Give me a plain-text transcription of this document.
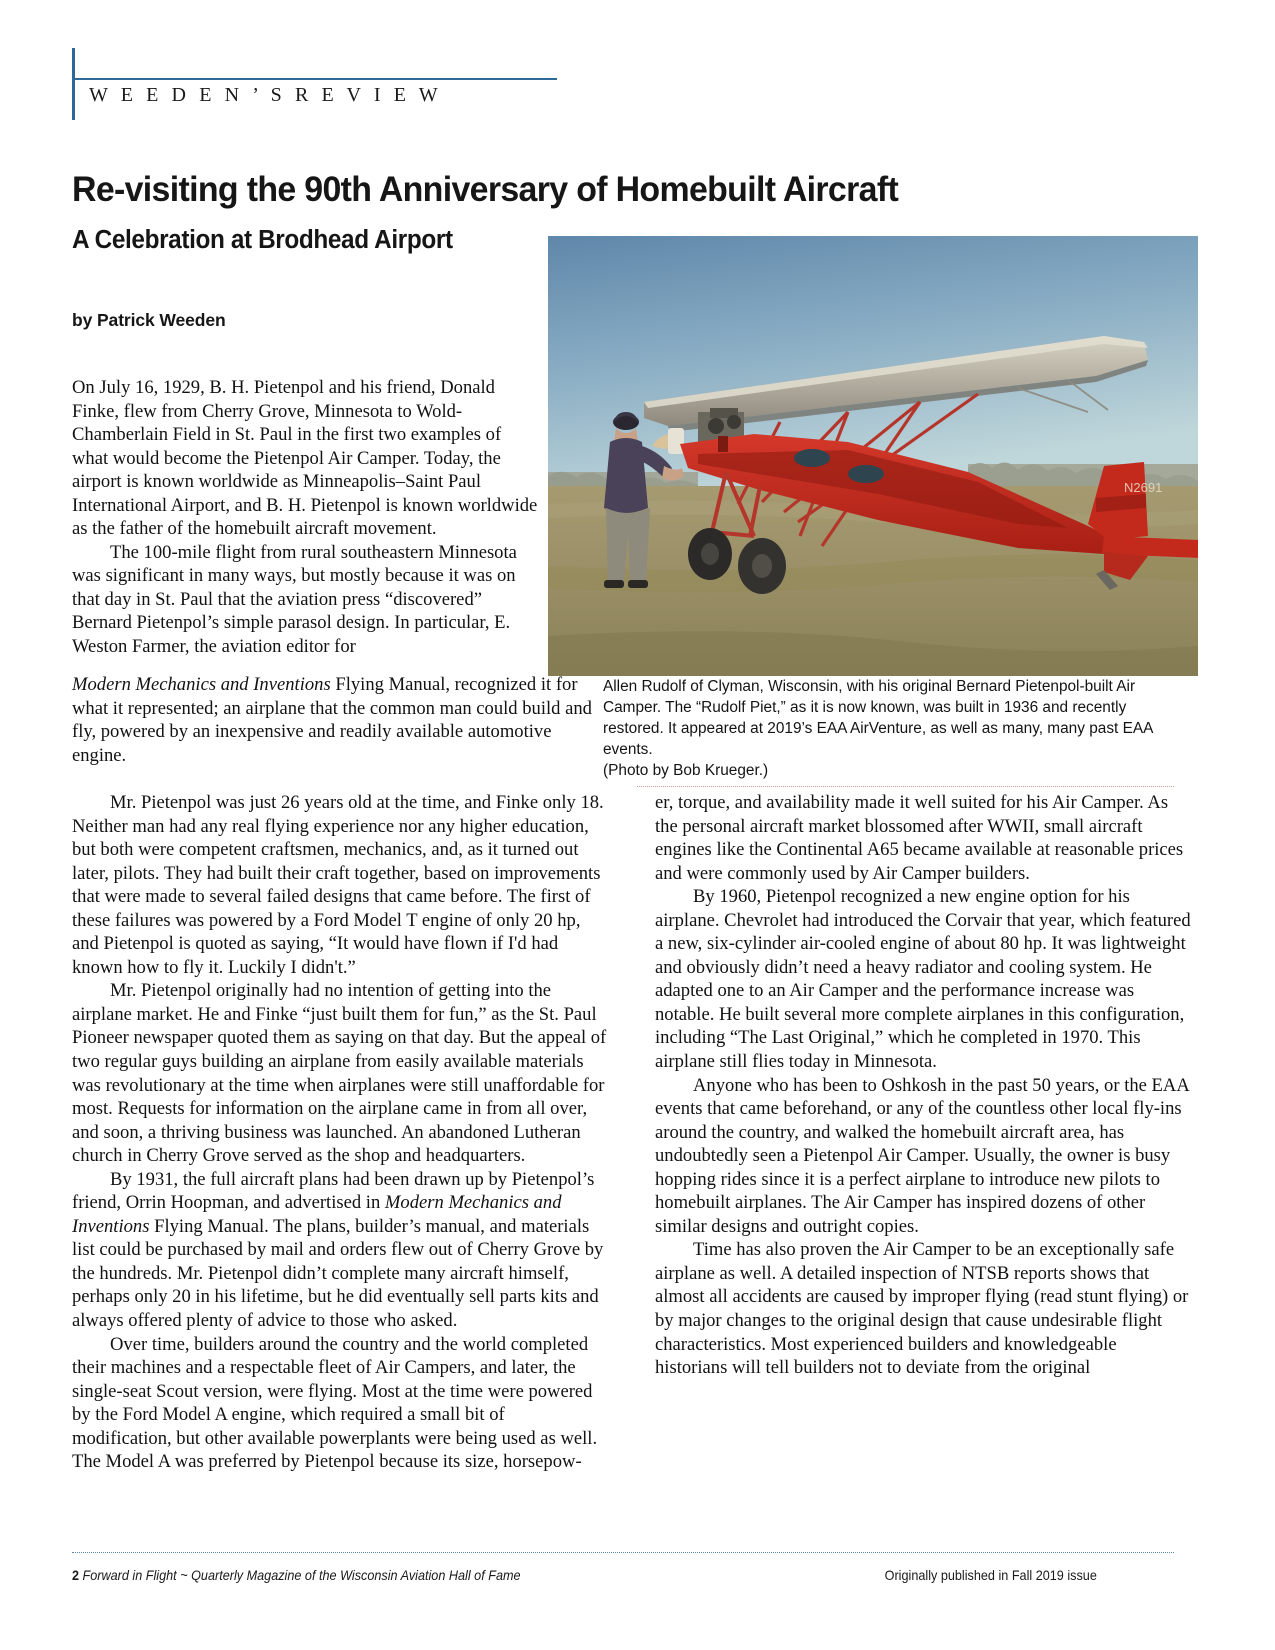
W E E D E N ’ S R E V I E W
Re-visiting the 90th Anniversary of Homebuilt Aircraft
A Celebration at Brodhead Airport
by Patrick Weeden
N2691
Allen Rudolf of Clyman, Wisconsin, with his original Bernard Pietenpol-built Air Camper. The “Rudolf Piet,” as it is now known, was built in 1936 and recently restored. It appeared at 2019’s EAA AirVenture, as well as many, many past EAA events.
(Photo by Bob Krueger.)

On July 16, 1929, B. H. Pietenpol and his friend, Donald Finke, flew from Cherry Grove, Minnesota to Wold-Chamberlain Field in St. Paul in the first two examples of what would become the Pietenpol Air Camper. Today, the airport is known worldwide as Minneapolis–Saint Paul International Airport, and B. H. Pietenpol is known worldwide as the father of the homebuilt aircraft movement.

The 100-mile flight from rural southeastern Minnesota was significant in many ways, but mostly because it was on that day in St. Paul that the aviation press “discovered” Bernard Pietenpol’s simple parasol design. In particular, E. Weston Farmer, the aviation editor for

Modern Mechanics and Inventions Flying Manual, recognized it for what it represented; an airplane that the common man could build and fly, powered by an inexpensive and readily available automotive engine.

Mr. Pietenpol was just 26 years old at the time, and Finke only 18. Neither man had any real flying experience nor any higher education, but both were competent craftsmen, mechanics, and, as it turned out later, pilots. They had built their craft together, based on improvements that were made to several failed designs that came before. The first of these failures was powered by a Ford Model T engine of only 20 hp, and Pietenpol is quoted as saying, “It would have flown if I'd had known how to fly it. Luckily I didn't.”

Mr. Pietenpol originally had no intention of getting into the airplane market. He and Finke “just built them for fun,” as the St. Paul Pioneer newspaper quoted them as saying on that day. But the appeal of two regular guys building an airplane from easily available materials was revolutionary at the time when airplanes were still unaffordable for most. Requests for information on the airplane came in from all over, and soon, a thriving business was launched. An abandoned Lutheran church in Cherry Grove served as the shop and headquarters.

By 1931, the full aircraft plans had been drawn up by Pietenpol’s friend, Orrin Hoopman, and advertised in Modern Mechanics and Inventions Flying Manual. The plans, builder’s manual, and materials list could be purchased by mail and orders flew out of Cherry Grove by the hundreds. Mr. Pietenpol didn’t complete many aircraft himself, perhaps only 20 in his lifetime, but he did eventually sell parts kits and always offered plenty of advice to those who asked.

Over time, builders around the country and the world completed their machines and a respectable fleet of Air Campers, and later, the single-seat Scout version, were flying. Most at the time were powered by the Ford Model A engine, which required a small bit of modification, but other available powerplants were being used as well. The Model A was preferred by Pietenpol because its size, horsepow-

er, torque, and availability made it well suited for his Air Camper. As the personal aircraft market blossomed after WWII, small aircraft engines like the Continental A65 became available at reasonable prices and were commonly used by Air Camper builders.

By 1960, Pietenpol recognized a new engine option for his airplane. Chevrolet had introduced the Corvair that year, which featured a new, six-cylinder air-cooled engine of about 80 hp. It was lightweight and obviously didn’t need a heavy radiator and cooling system. He adapted one to an Air Camper and the performance increase was notable. He built several more complete airplanes in this configuration, including “The Last Original,” which he completed in 1970. This airplane still flies today in Minnesota.

Anyone who has been to Oshkosh in the past 50 years, or the EAA events that came beforehand, or any of the countless other local fly-ins around the country, and walked the homebuilt aircraft area, has undoubtedly seen a Pietenpol Air Camper. Usually, the owner is busy hopping rides since it is a perfect airplane to introduce new pilots to homebuilt airplanes. The Air Camper has inspired dozens of other similar designs and outright copies.

Time has also proven the Air Camper to be an exceptionally safe airplane as well. A detailed inspection of NTSB reports shows that almost all accidents are caused by improper flying (read stunt flying) or by major changes to the original design that cause undesirable flight characteristics. Most experienced builders and knowledgeable historians will tell builders not to deviate from the original

2 Forward in Flight ~ Quarterly Magazine of the Wisconsin Aviation Hall of Fame	Originally published in Fall 2019 issue
